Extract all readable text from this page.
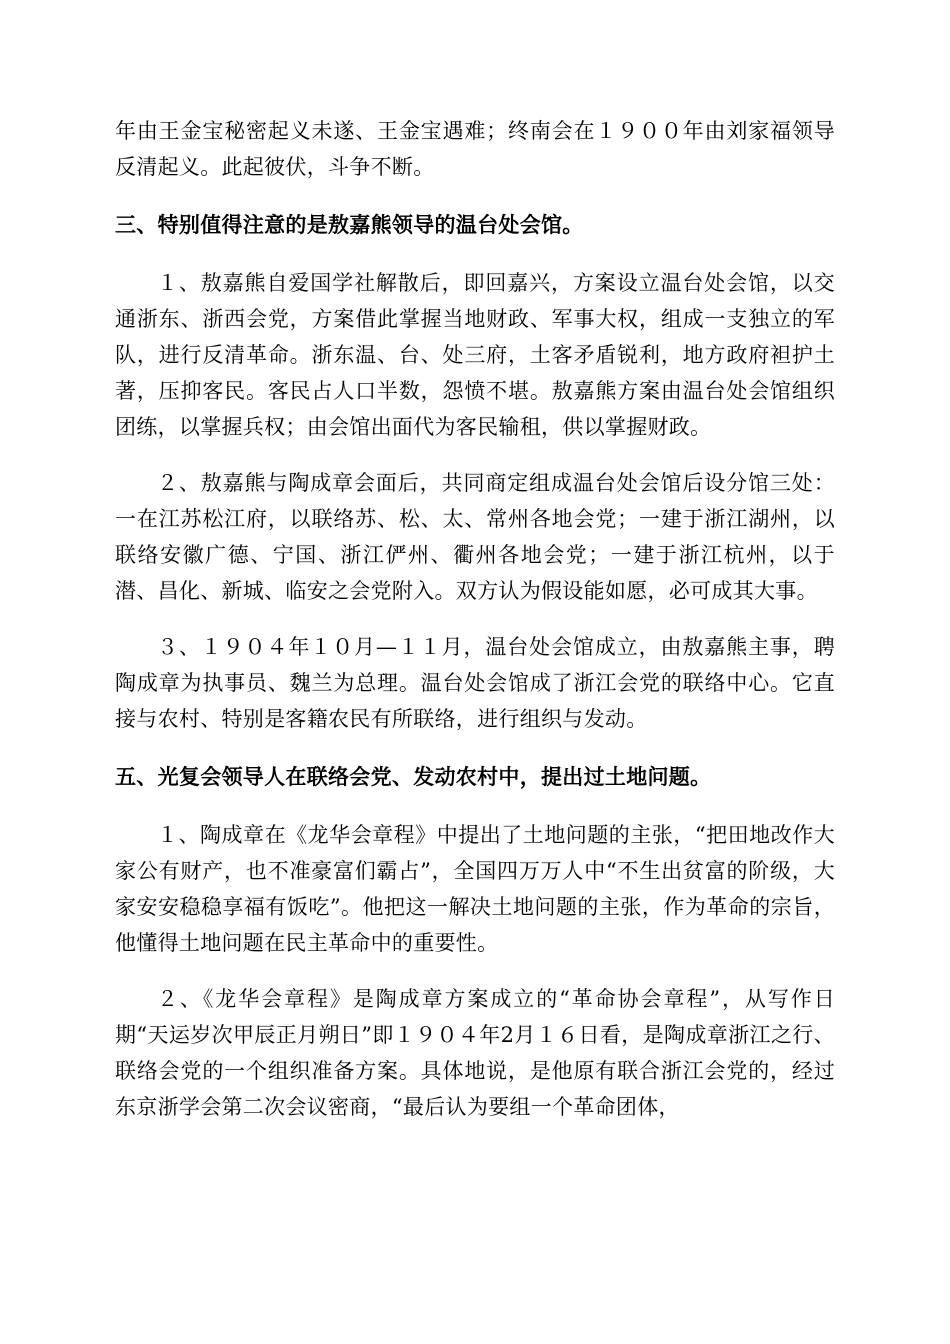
年由王金宝秘密起义未遂、王金宝遇难；终南会在１９００年由刘家福领导反清起义。此起彼伏，斗争不断。

三、特别值得注意的是敖嘉熊领导的温台处会馆。

１、敖嘉熊自爱国学社解散后，即回嘉兴，方案设立温台处会馆，以交通浙东、浙西会党，方案借此掌握当地财政、军事大权，组成一支独立的军队，进行反清革命。浙东温、台、处三府，土客矛盾锐利，地方政府袒护土著，压抑客民。客民占人口半数，怨愤不堪。敖嘉熊方案由温台处会馆组织团练，以掌握兵权；由会馆出面代为客民输租，供以掌握财政。

２、敖嘉熊与陶成章会面后，共同商定组成温台处会馆后设分馆三处：一在江苏松江府，以联络苏、松、太、常州各地会党；一建于浙江湖州，以联络安徽广德、宁国、浙江俨州、衢州各地会党；一建于浙江杭州，以于潜、昌化、新城、临安之会党附入。双方认为假设能如愿，必可成其大事。

３、１９０４年１０月—１１月，温台处会馆成立，由敖嘉熊主事，聘陶成章为执事员、魏兰为总理。温台处会馆成了浙江会党的联络中心。它直接与农村、特别是客籍农民有所联络，进行组织与发动。

五、光复会领导人在联络会党、发动农村中，提出过土地问题。

１、陶成章在《龙华会章程》中提出了土地问题的主张，“把田地改作大家公有财产，也不准豪富们霸占”，全国四万万人中“不生出贫富的阶级，大家安安稳稳享福有饭吃”。他把这一解决土地问题的主张，作为革命的宗旨，他懂得土地问题在民主革命中的重要性。

２、《龙华会章程》是陶成章方案成立的“革命协会章程”，从写作日期“天运岁次甲辰正月朔日”即１９０４年2月１６日看，是陶成章浙江之行、联络会党的一个组织准备方案。具体地说，是他原有联合浙江会党的，经过东京浙学会第二次会议密商，“最后认为要组一个革命团体，
